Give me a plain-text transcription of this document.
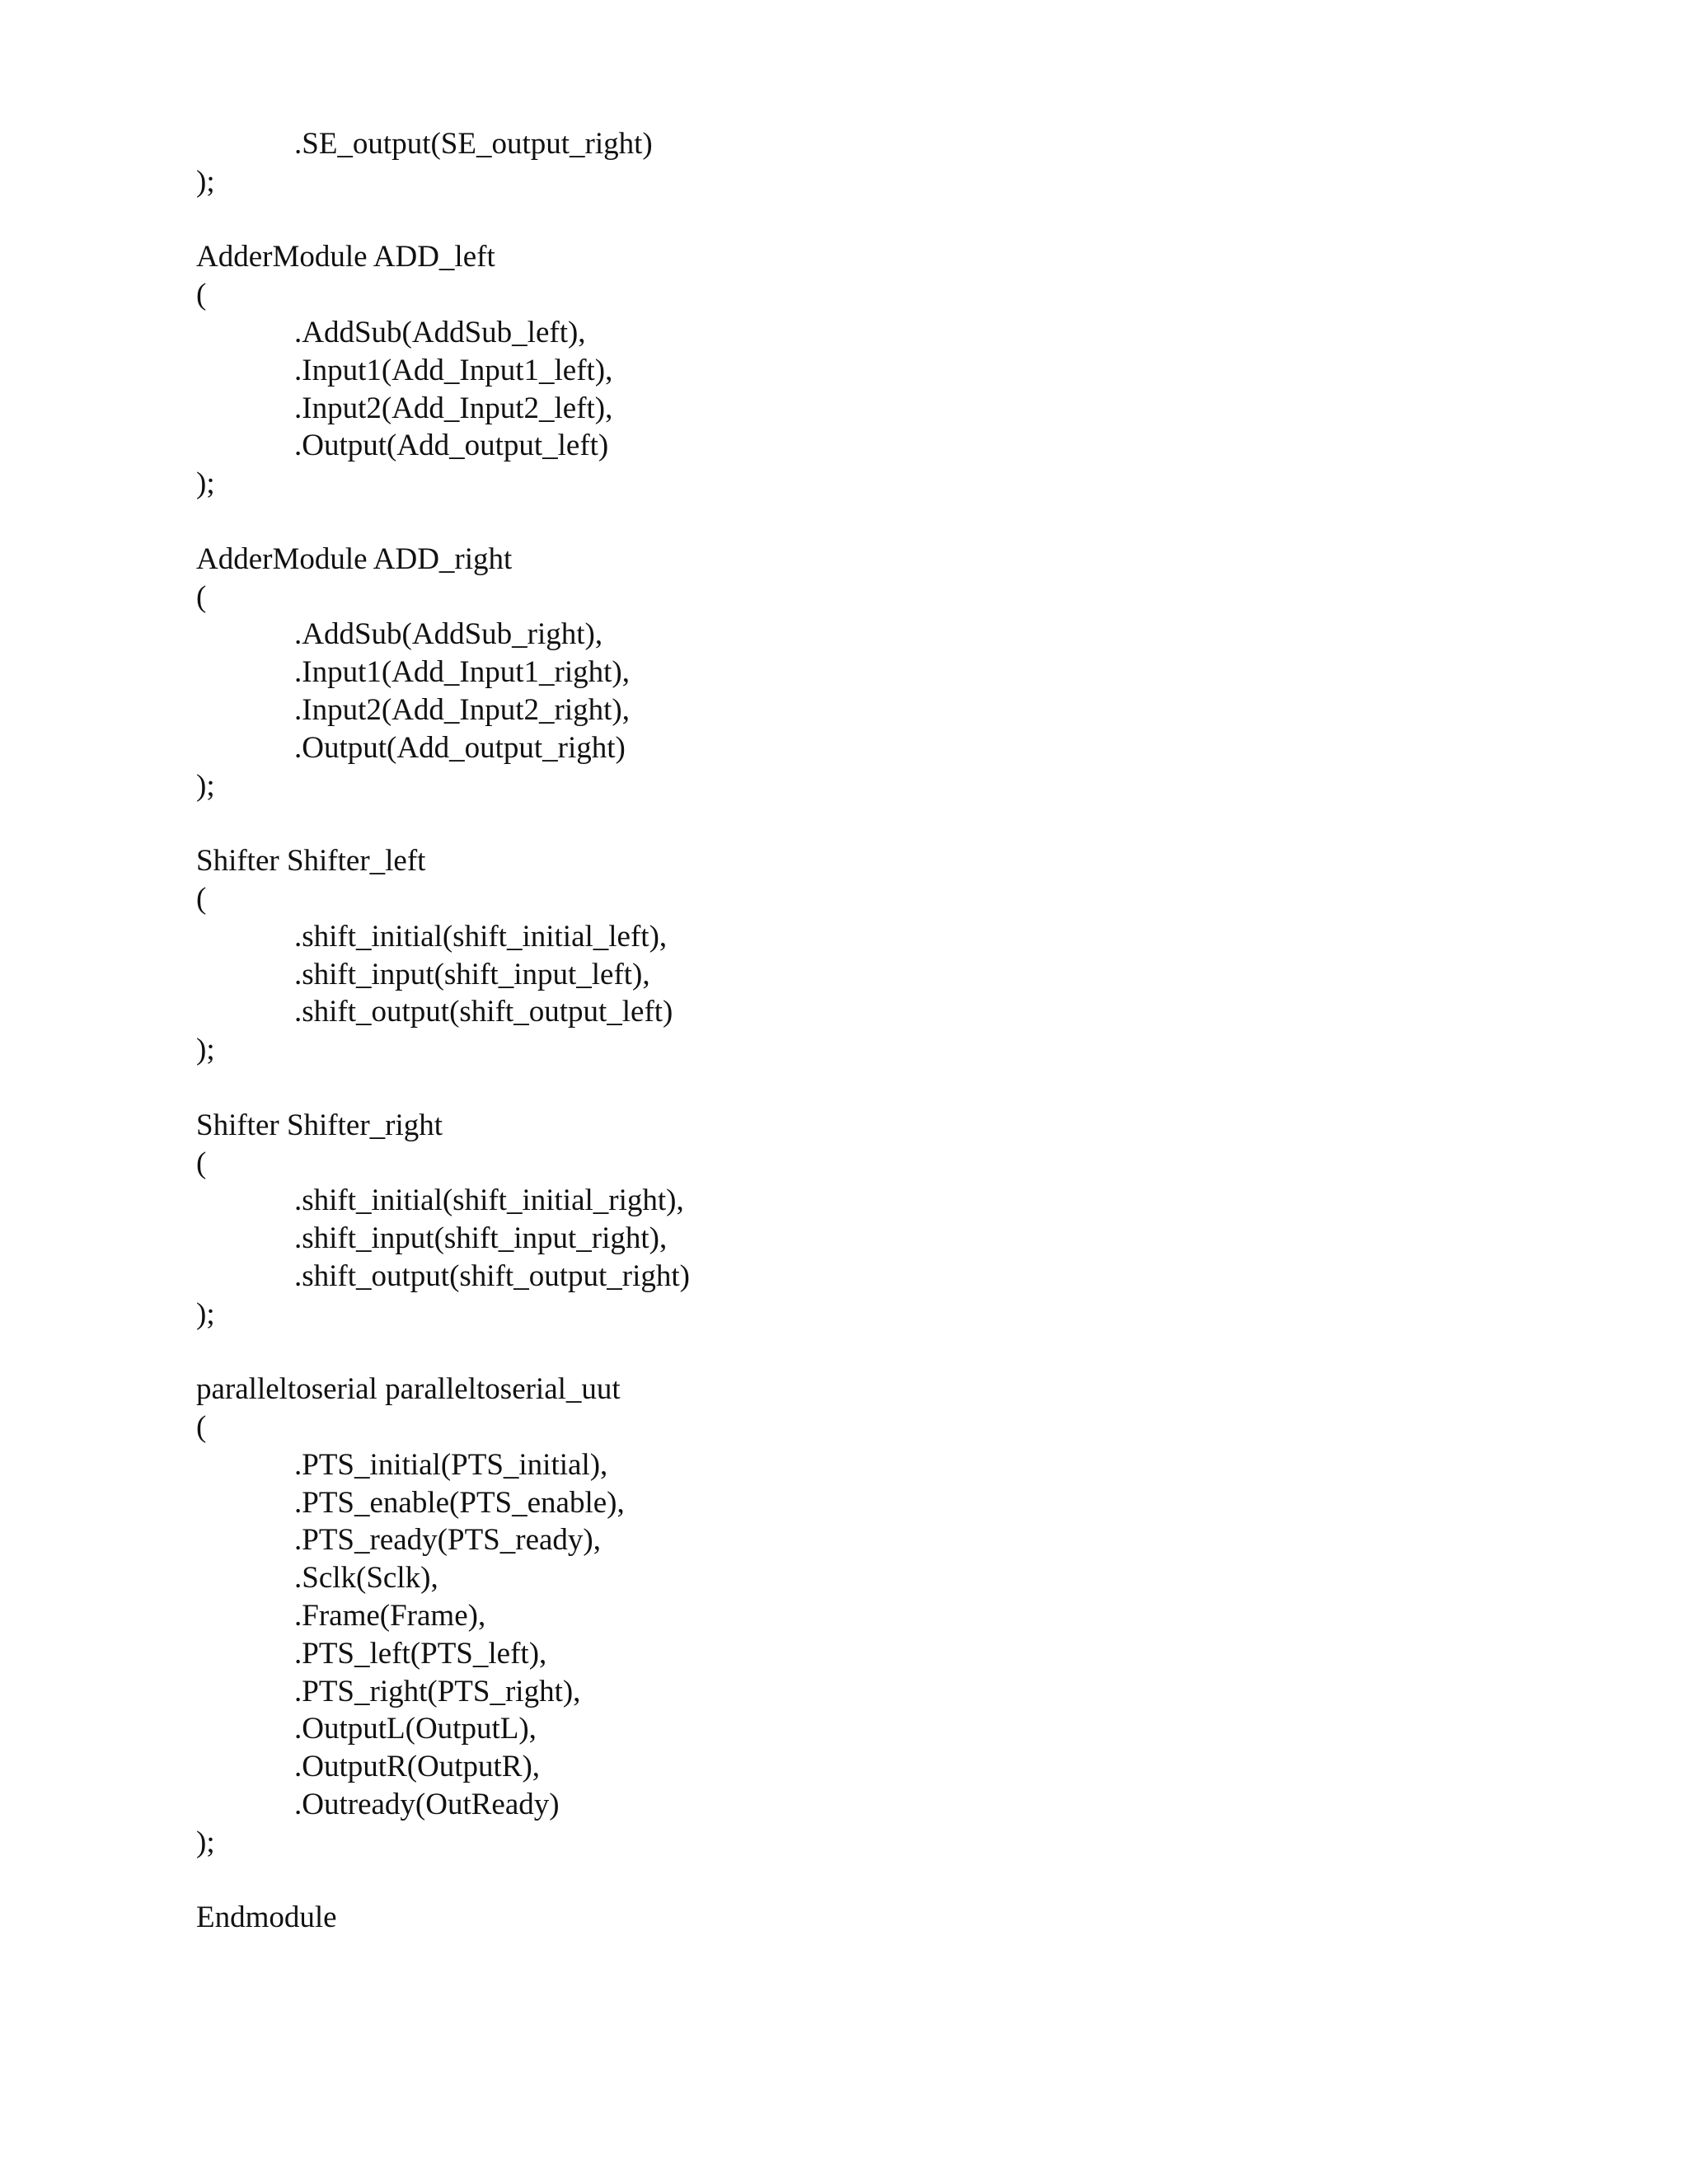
.SE_output(SE_output_right)
);
AdderModule ADD_left
(
.AddSub(AddSub_left),
.Input1(Add_Input1_left),
.Input2(Add_Input2_left),
.Output(Add_output_left)
);
AdderModule ADD_right
(
.AddSub(AddSub_right),
.Input1(Add_Input1_right),
.Input2(Add_Input2_right),
.Output(Add_output_right)
);
Shifter Shifter_left
(
.shift_initial(shift_initial_left),
.shift_input(shift_input_left),
.shift_output(shift_output_left)
);
Shifter Shifter_right
(
.shift_initial(shift_initial_right),
.shift_input(shift_input_right),
.shift_output(shift_output_right)
);
paralleltoserial paralleltoserial_uut
(
.PTS_initial(PTS_initial),
.PTS_enable(PTS_enable),
.PTS_ready(PTS_ready),
.Sclk(Sclk),
.Frame(Frame),
.PTS_left(PTS_left),
.PTS_right(PTS_right),
.OutputL(OutputL),
.OutputR(OutputR),
.Outready(OutReady)
);
Endmodule
